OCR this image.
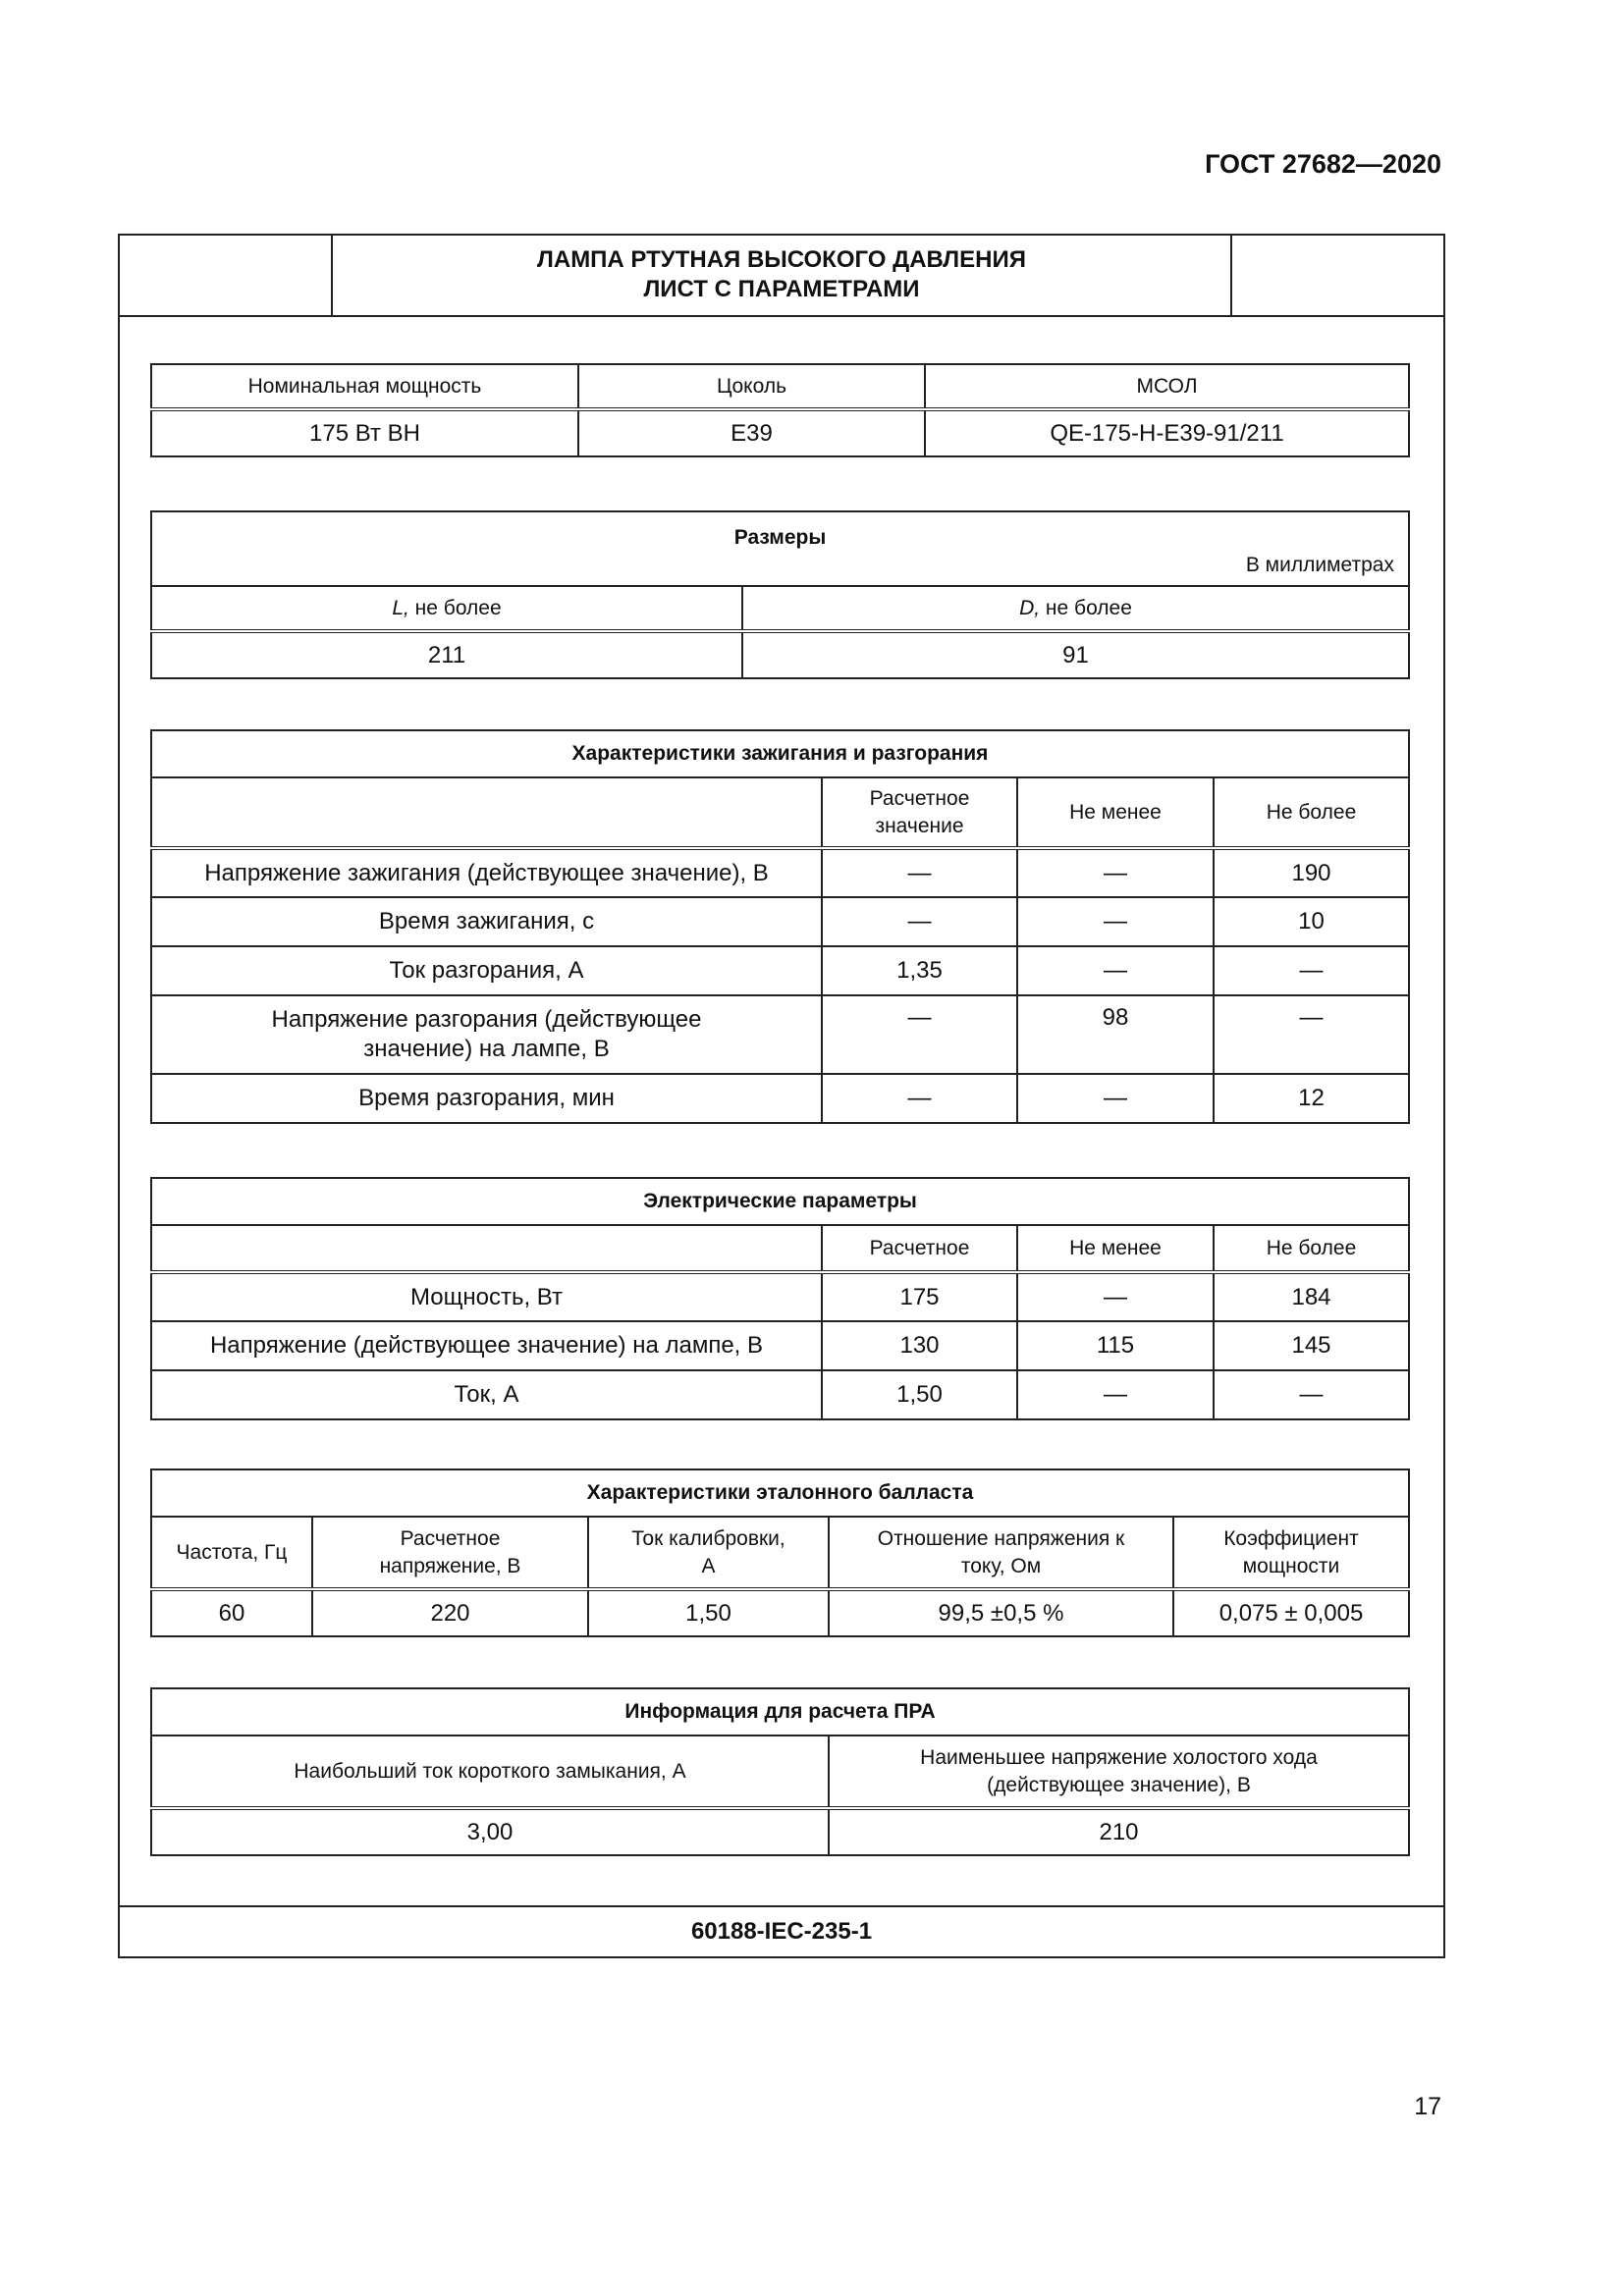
ГОСТ 27682—2020
ЛАМПА РТУТНАЯ ВЫСОКОГО ДАВЛЕНИЯ
ЛИСТ С ПАРАМЕТРАМИ
Номинальная мощность	Цоколь	МСОЛ
175 Вт ВН	E39	QE-175-H-E39-91/211
Размеры
В миллиметрах	

L, не более	D, не более
211	91
Характеристики зажигания и разгорания			
	Расчетное значение	Не менее	Не более
Напряжение зажигания (действующее значение), В	—	—	190
Время зажигания, с	—	—	10
Ток разгорания, А	1,35	—	—
Напряжение разгорания (действующее значение) на лампе, В	—	98	—
Время разгорания, мин	—	—	12
Электрические параметры			
	Расчетное	Не менее	Не более
Мощность, Вт	175	—	184
Напряжение (действующее значение) на лампе, В	130	115	145
Ток, А	1,50	—	—
Характеристики эталонного балласта				
Частота, Гц	Расчетное напряжение, В	Ток калибровки, А	Отношение напряжения к току, Ом	Коэффициент мощности
60	220	1,50	99,5 ±0,5 %	0,075 ± 0,005
Информация для расчета ПРА	
Наибольший ток короткого замыкания, А	Наименьшее напряжение холостого хода (действующее значение), В
3,00	210
60188-IEC-235-1
17
